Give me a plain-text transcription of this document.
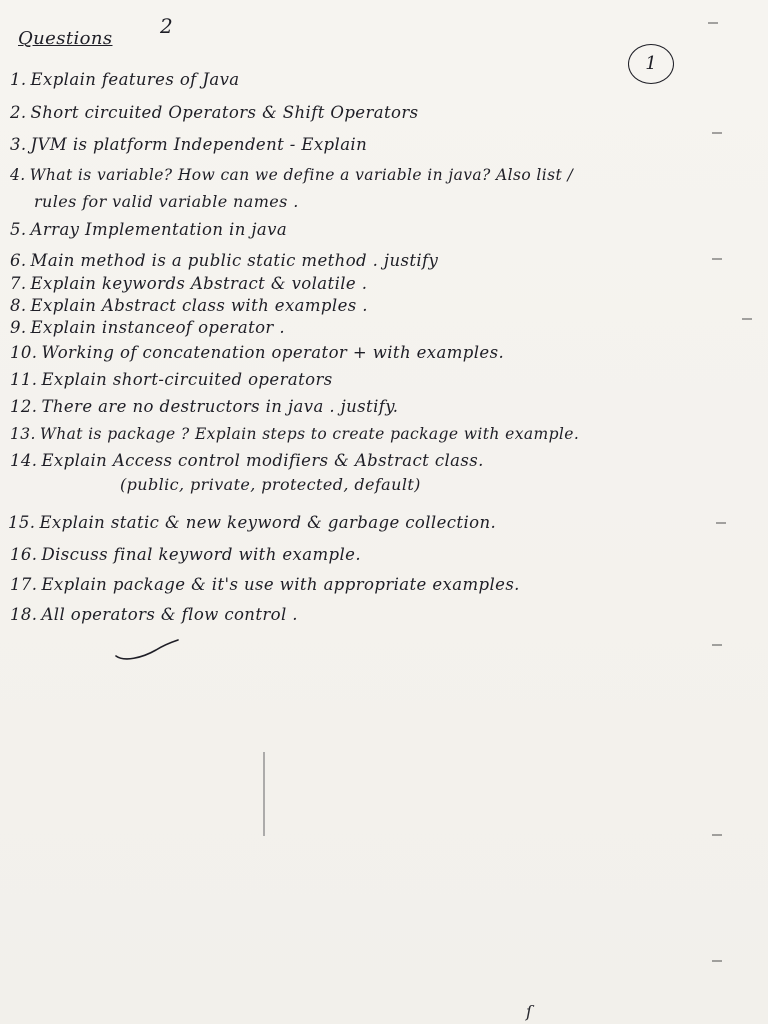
Questions
2
1
1. Explain features of Java
2. Short circuited Operators & Shift Operators
3. JVM is platform Independent - Explain
4. What is variable? How can we define a variable in java? Also list /
rules for valid variable names .
5. Array Implementation in java
6. Main method is a public static method . justify
7. Explain keywords Abstract & volatile .
8. Explain Abstract class with examples .
9. Explain instanceof operator .
10. Working of concatenation operator + with examples.
11. Explain short-circuited operators
12. There are no destructors in java . justify.
13. What is package ? Explain steps to create package with example.
14. Explain Access control modifiers & Abstract class.
(public, private, protected, default)
15. Explain static & new keyword & garbage collection.
16. Discuss final keyword with example.
17. Explain package & it's use with appropriate examples.
18. All operators & flow control .
ſ
